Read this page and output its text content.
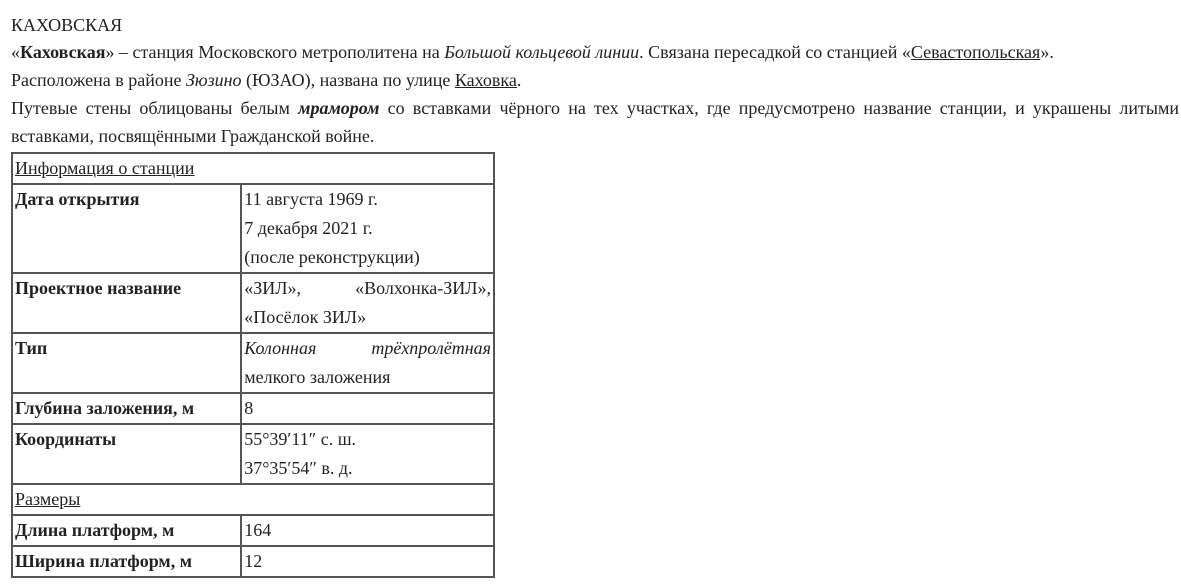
КАХОВСКАЯ

«Каховская» – станция Московского метрополитена на Большой кольцевой линии. Связана пересадкой со станцией «Севастопольская».
Расположена в районе Зюзино (ЮЗАО), названа по улице Каховка.

Путевые стены облицованы белым мрамором со вставками чёрного на тех участках, где предусмотрено название станции, и украшены литыми вставками, посвящёнными Гражданской войне.

Информация о станции	
Дата открытия	11 августа 1969 г.
7 декабря 2021 г.
(после реконструкции)

Проектное название	«ЗИЛ», «Волхонка-ЗИЛ»,
«Посёлок ЗИЛ»

Тип	Колонная трёхпролётная
мелкого заложения

Глубина заложения, м	8
Координаты	55°39′11″ с. ш.
37°35′54″ в. д.

Размеры	
Длина платформ, м	164
Ширина платформ, м	12
